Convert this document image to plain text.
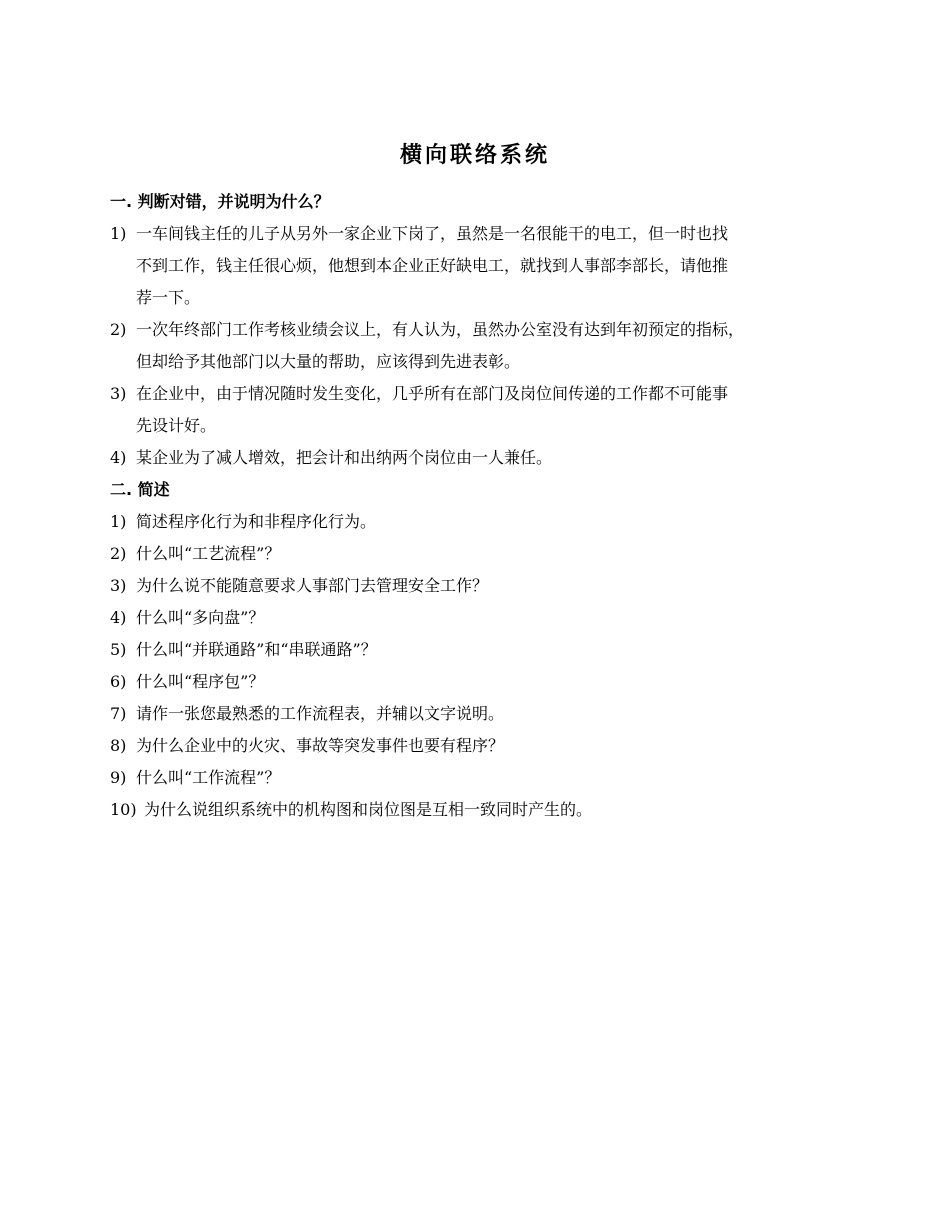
横向联络系统
一. 判断对错，并说明为什么？
1) 一车间钱主任的儿子从另外一家企业下岗了，虽然是一名很能干的电工，但一时也找
不到工作，钱主任很心烦，他想到本企业正好缺电工，就找到人事部李部长，请他推
荐一下。
2) 一次年终部门工作考核业绩会议上，有人认为，虽然办公室没有达到年初预定的指标，
但却给予其他部门以大量的帮助，应该得到先进表彰。
3) 在企业中，由于情况随时发生变化，几乎所有在部门及岗位间传递的工作都不可能事
先设计好。
4) 某企业为了减人增效，把会计和出纳两个岗位由一人兼任。
二. 简述
1) 简述程序化行为和非程序化行为。
2) 什么叫“工艺流程”？
3) 为什么说不能随意要求人事部门去管理安全工作？
4) 什么叫“多向盘”？
5) 什么叫“并联通路”和“串联通路”？
6) 什么叫“程序包”？
7) 请作一张您最熟悉的工作流程表，并辅以文字说明。
8) 为什么企业中的火灾、事故等突发事件也要有程序？
9) 什么叫“工作流程”？
10) 为什么说组织系统中的机构图和岗位图是互相一致同时产生的。
